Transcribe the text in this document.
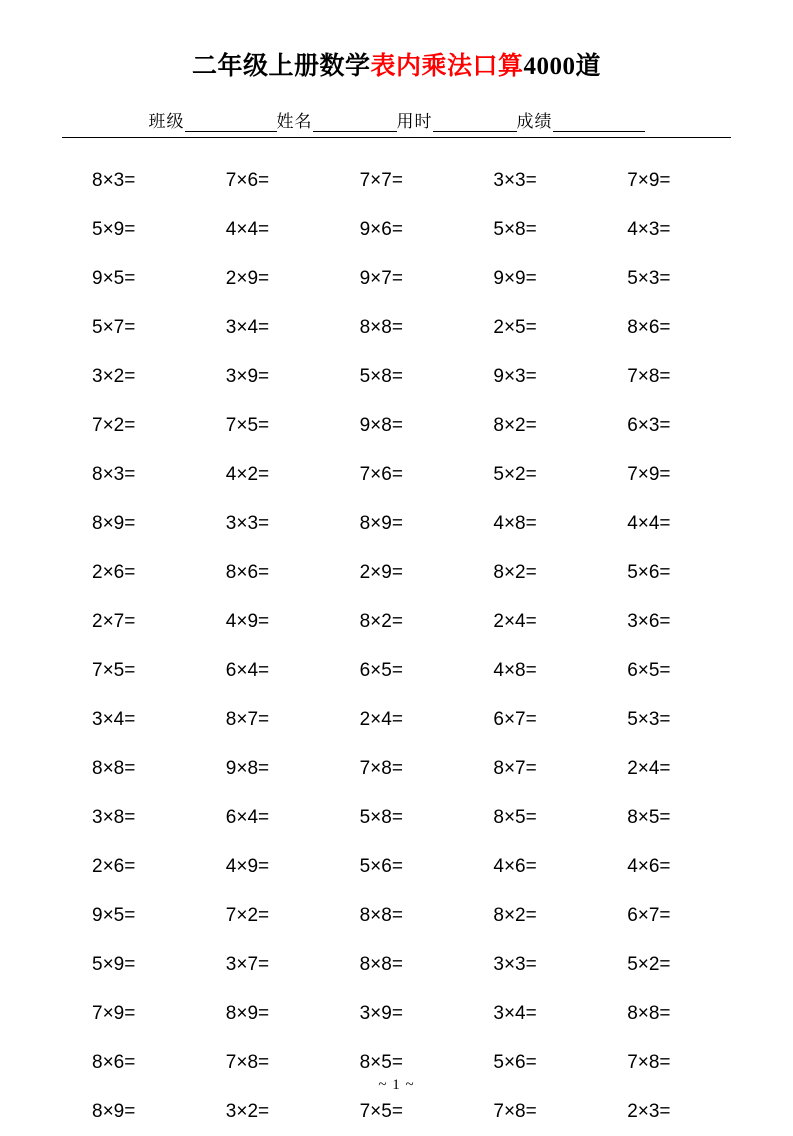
二年级上册数学表内乘法口算4000道
班级	姓名	用时	成绩
8×3=	7×6=	7×7=	3×3=	7×9=
5×9=	4×4=	9×6=	5×8=	4×3=
9×5=	2×9=	9×7=	9×9=	5×3=
5×7=	3×4=	8×8=	2×5=	8×6=
3×2=	3×9=	5×8=	9×3=	7×8=
7×2=	7×5=	9×8=	8×2=	6×3=
8×3=	4×2=	7×6=	5×2=	7×9=
8×9=	3×3=	8×9=	4×8=	4×4=
2×6=	8×6=	2×9=	8×2=	5×6=
2×7=	4×9=	8×2=	2×4=	3×6=
7×5=	6×4=	6×5=	4×8=	6×5=
3×4=	8×7=	2×4=	6×7=	5×3=
8×8=	9×8=	7×8=	8×7=	2×4=
3×8=	6×4=	5×8=	8×5=	8×5=
2×6=	4×9=	5×6=	4×6=	4×6=
9×5=	7×2=	8×8=	8×2=	6×7=
5×9=	3×7=	8×8=	3×3=	5×2=
7×9=	8×9=	3×9=	3×4=	8×8=
8×6=	7×8=	8×5=	5×6=	7×8=
8×9=	3×2=	7×5=	7×8=	2×3=
~ 1 ~
